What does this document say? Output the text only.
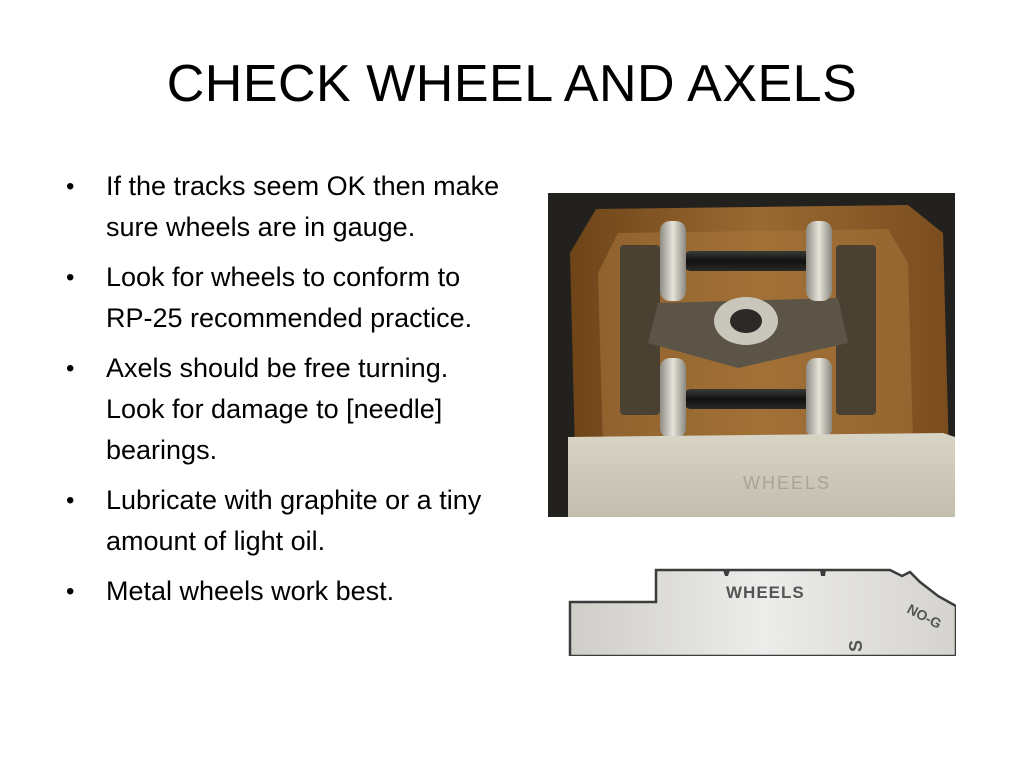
CHECK WHEEL AND AXELS
• If the tracks seem OK then make sure wheels are in gauge.
• Look for wheels to conform to RP-25 recommended practice.
• Axels should be free turning. Look for damage to [needle] bearings.
• Lubricate with graphite or a tiny amount of light oil.
• Metal wheels work best.
WHEELS
WHEELS
NO-G
S
